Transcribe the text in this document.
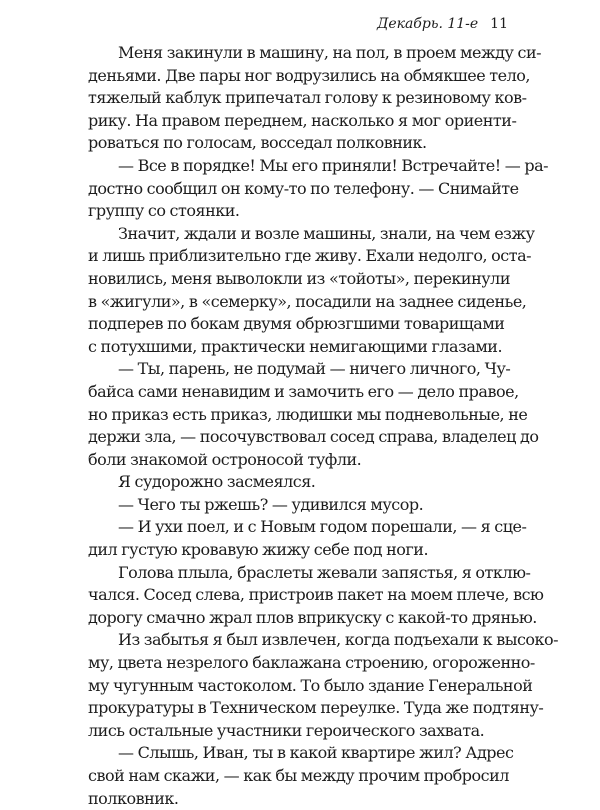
Декабрь. 11-е 11
Меня закинули в машину, на пол, в проем между си-
деньями. Две пары ног водрузились на обмякшее тело,
тяжелый каблук припечатал голову к резиновому ков-
рику. На правом переднем, насколько я мог ориенти-
роваться по голосам, восседал полковник.
— Все в порядке! Мы его приняли! Встречайте! — ра-
достно сообщил он кому-то по телефону. — Снимайте
группу со стоянки.
Значит, ждали и возле машины, знали, на чем езжу
и лишь приблизительно где живу. Ехали недолго, оста-
новились, меня выволокли из «тойоты», перекинули
в «жигули», в «семерку», посадили на заднее сиденье,
подперев по бокам двумя обрюзгшими товарищами
с потухшими, практически немигающими глазами.
— Ты, парень, не подумай — ничего личного, Чу-
байса сами ненавидим и замочить его — дело правое,
но приказ есть приказ, людишки мы подневольные, не
держи зла, — посочувствовал сосед справа, владелец до
боли знакомой остроносой туфли.
Я судорожно засмеялся.
— Чего ты ржешь? — удивился мусор.
— И ухи поел, и с Новым годом порешали, — я сце-
дил густую кровавую жижу себе под ноги.
Голова плыла, браслеты жевали запястья, я отклю-
чался. Сосед слева, пристроив пакет на моем плече, всю
дорогу смачно жрал плов вприкуску с какой-то дрянью.
Из забытья я был извлечен, когда подъехали к высоко-
му, цвета незрелого баклажана строению, огороженно-
му чугунным частоколом. То было здание Генеральной
прокуратуры в Техническом переулке. Туда же подтяну-
лись остальные участники героического захвата.
— Слышь, Иван, ты в какой квартире жил? Адрес
свой нам скажи, — как бы между прочим пробросил
полковник.
